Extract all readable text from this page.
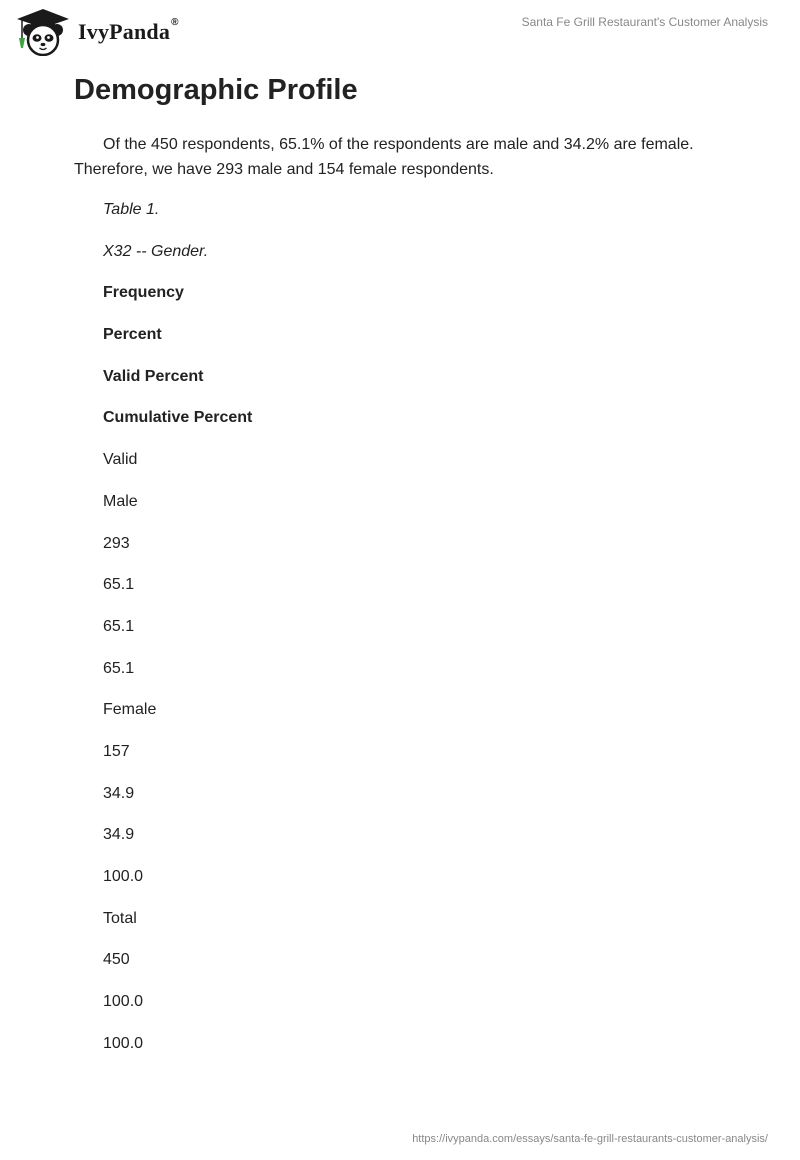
IvyPanda®	Santa Fe Grill Restaurant's Customer Analysis
Demographic Profile

Of the 450 respondents, 65.1% of the respondents are male and 34.2% are female. Therefore, we have 293 male and 154 female respondents.

Table 1.
X32 -- Gender.
Frequency
Percent
Valid Percent
Cumulative Percent
Valid
Male
293
65.1
65.1
65.1
Female
157
34.9
34.9
100.0
Total
450
100.0
100.0
https://ivypanda.com/essays/santa-fe-grill-restaurants-customer-analysis/
